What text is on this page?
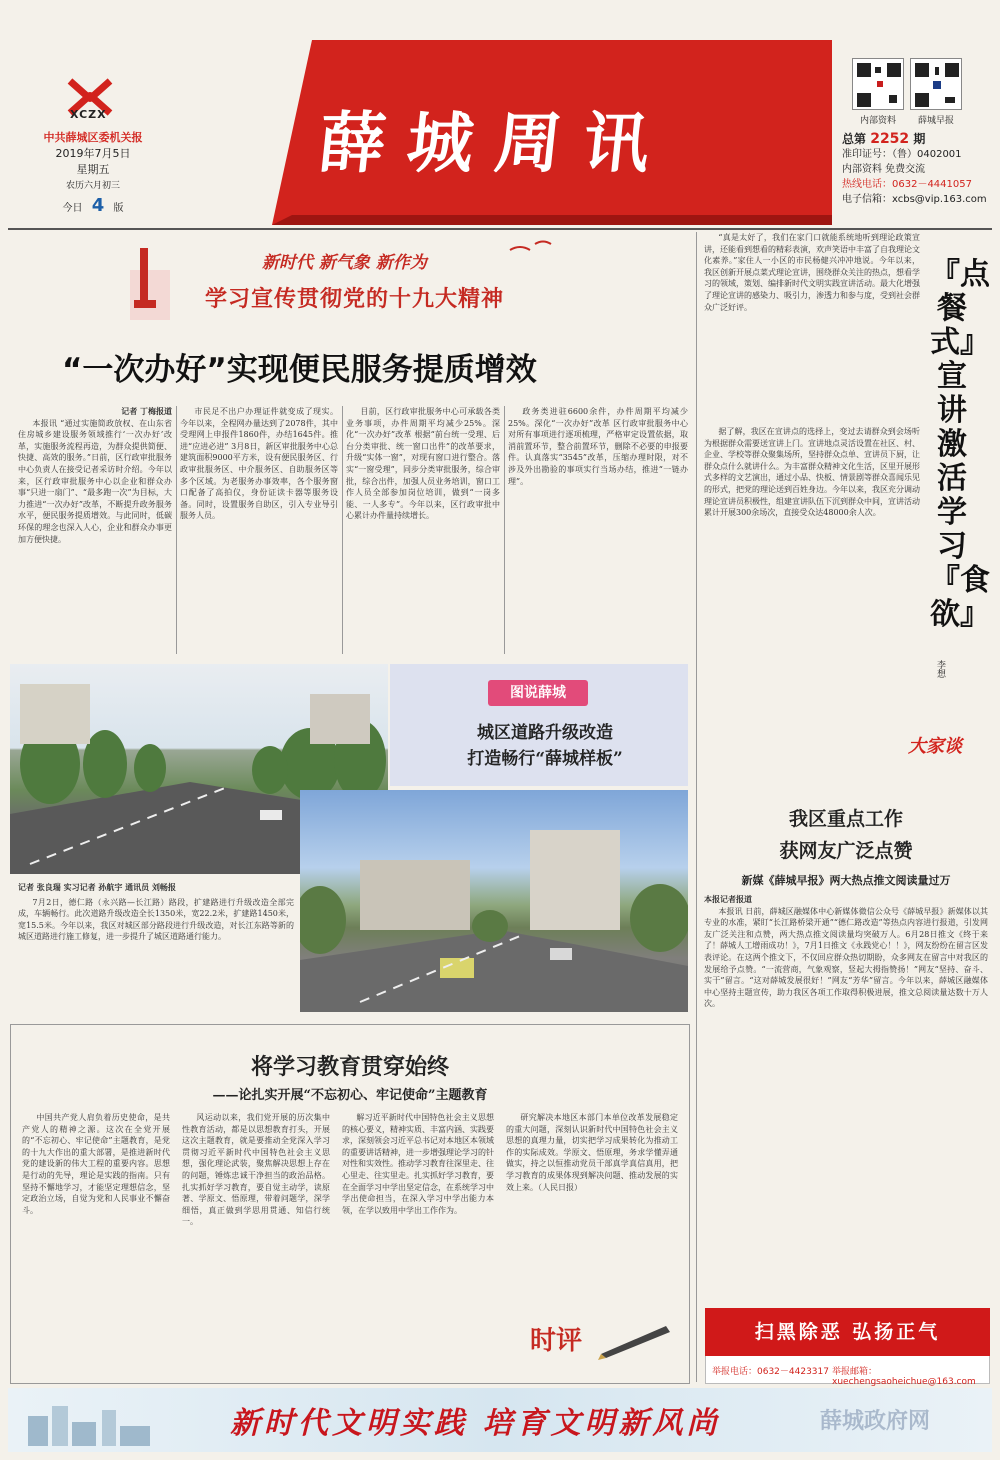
XCZX
中共薛城区委机关报
2019年7月5日
星期五
农历六月初三
今日 4 版
薛城周讯	内部资料	薛城早报
总第 2252 期
准印证号：（鲁）0402001
内部资料 免费交流
热线电话：0632－4441057
电子信箱：xcbs@vip.163.com
新时代 新气象 新作为
学习宣传贯彻党的十九大精神
“一次办好”实现便民服务提质增效
记者 丁梅报道

本报讯 “通过实施简政放权、在山东省住房城乡建设服务领域推行‘一次办好’改革，实施服务流程再造，为群众提供简便、快捷、高效的服务。”日前，区行政审批服务中心负责人在接受记者采访时介绍。今年以来，区行政审批服务中心以企业和群众办事“只进一扇门”、“最多跑一次”为目标，大力推进“一次办好”改革，不断提升政务服务水平，便民服务提质增效。与此同时，低碳环保的理念也深入人心，企业和群众办事更加方便快捷。

市民足不出户办理证件就变成了现实。今年以来，全程网办量达到了2078件，其中受理网上申报件1860件，办结1645件。推进“应进必进” 3月8日，新区审批服务中心总建筑面积9000平方米，设有便民服务区、行政审批服务区、中介服务区、自助服务区等多个区域。为老服务办事效率，各个服务窗口配备了高拍仪，身份证读卡器等服务设备。同时，设置服务自助区，引入专业导引服务人员。

目前，区行政审批服务中心可承载各类业务事项，办件周期平均减少25%。深化“一次办好”改革 根据“前台统一受理、后台分类审批、统一窗口出件”的改革要求，升级“实体一窗”，对现有窗口进行整合。落实“一窗受理”，同步分类审批服务，综合审批，综合出件，加强人员业务培训，窗口工作人员全部参加岗位培训，做到“一岗多能、一人多专”。今年以来，区行政审批中心累计办件量持续增长。

政务类进驻6600余件，办件周期平均减少25%。深化“一次办好”改革 区行政审批服务中心对所有事项进行逐项梳理，严格审定设置依据，取消前置环节，整合前置环节，删除不必要的申报要件。认真落实“3545”改革，压缩办理时限，对不涉及外出勘验的事项实行当场办结，推进“一链办理”。

图说薛城
城区道路升级改造
打造畅行“薛城样板”
记者 张良瑞 实习记者 孙航宇 通讯员 刘畅报

7月2日，德仁路（永兴路—长江路）路段，扩建路进行升级改造全部完成，车辆畅行。此次道路升级改造全长1350米，宽22.2米，扩建路1450米，宽15.5米。今年以来，我区对城区部分路段进行升级改造，对长江东路等新的城区道路进行施工修复，进一步提升了城区道路通行能力。

将学习教育贯穿始终
——论扎实开展“不忘初心、牢记使命”主题教育

中国共产党人肩负着历史使命，是共产党人的精神之源。这次在全党开展的“不忘初心、牢记使命”主题教育，是党的十九大作出的重大部署，是推进新时代党的建设新的伟大工程的重要内容。思想是行动的先导，理论是实践的指南。只有坚持不懈地学习，才能坚定理想信念，坚定政治立场，自觉为党和人民事业不懈奋斗。

风运动以来，我们党开展的历次集中性教育活动，都是以思想教育打头，开展这次主题教育，就是要推动全党深入学习贯彻习近平新时代中国特色社会主义思想，强化理论武装，聚焦解决思想上存在的问题，锤炼忠诚干净担当的政治品格。扎实抓好学习教育，要自觉主动学，读原著、学原文、悟原理，带着问题学，深学细悟，真正做到学思用贯通、知信行统一。

解习近平新时代中国特色社会主义思想的核心要义，精神实质、丰富内涵、实践要求，深刻领会习近平总书记对本地区本领域的重要讲话精神，进一步增强理论学习的针对性和实效性。推动学习教育往深里走、往心里走、往实里走。扎实抓好学习教育，要在全面学习中学出坚定信念，在系统学习中学出使命担当，在深入学习中学出能力本领，在学以致用中学出工作作为。

研究解决本地区本部门本单位改革发展稳定的重大问题，深刻认识新时代中国特色社会主义思想的真理力量，切实把学习成果转化为推动工作的实际成效。学原文、悟原理，务求学懂弄通做实，持之以恒推动党员干部真学真信真用，把学习教育的成果体现到解决问题、推动发展的实效上来。（人民日报）

时评

“真是太好了，我们在家门口就能系统地听到理论政策宣讲，还能看到想看的精彩表演，欢声笑语中丰富了自我理论文化素养。”家住人一小区的市民杨健兴冲冲地说。今年以来，我区创新开展点菜式理论宣讲，围绕群众关注的热点，想看学习的领域，策划、编排新时代文明实践宣讲活动。最大化增强了理论宣讲的感染力、吸引力，渗透力和参与度，受到社会群众广泛好评。

『点餐式』宣讲激活学习『食欲』
李想

据了解，我区在宣讲点的选择上，变过去请群众到会场听为根据群众需要送宣讲上门。宣讲地点灵活设置在社区、村、企业、学校等群众聚集场所，坚持群众点单、宣讲员下厨，让群众点什么就讲什么。为丰富群众精神文化生活，区里开展形式多样的文艺演出，通过小品、快板、情景剧等群众喜闻乐见的形式，把党的理论送到百姓身边。今年以来，我区充分调动理论宣讲员积极性，组建宣讲队伍下沉到群众中间，宣讲活动累计开展300余场次，直接受众达48000余人次。

大家谈
我区重点工作
获网友广泛点赞
新媒《薛城早报》两大热点推文阅读量过万
本报记者报道

本报讯 日前，薛城区融媒体中心新媒体微信公众号《薛城早报》新媒体以其专业的水准，紧盯“长江路桥梁开通”“德仁路改造”等热点内容进行报道，引发网友广泛关注和点赞，两大热点推文阅读量均突破万人。6月28日推文《终于来了！薛城人工增雨成功！》，7月1日推文《永践党心！！》，网友纷纷在留言区发表评论。在这两个推文下，不仅回应群众热切期盼，众多网友在留言中对我区的发展给予点赞。“一流营商，气象观察，竖起大拇指赞扬！”网友“坚持、奋斗、实干”留言。“这对薛城发展很好！”网友“芳华”留言。今年以来，薛城区融媒体中心坚持主题宣传，助力我区各项工作取得积极进展，推文总阅读量达数十万人次。

扫黑除恶 弘扬正气
举报电话：0632－4423317 举报邮箱：xuechengsaoheichue@163.com
新时代文明实践 培育文明新风尚	薛城政府网
